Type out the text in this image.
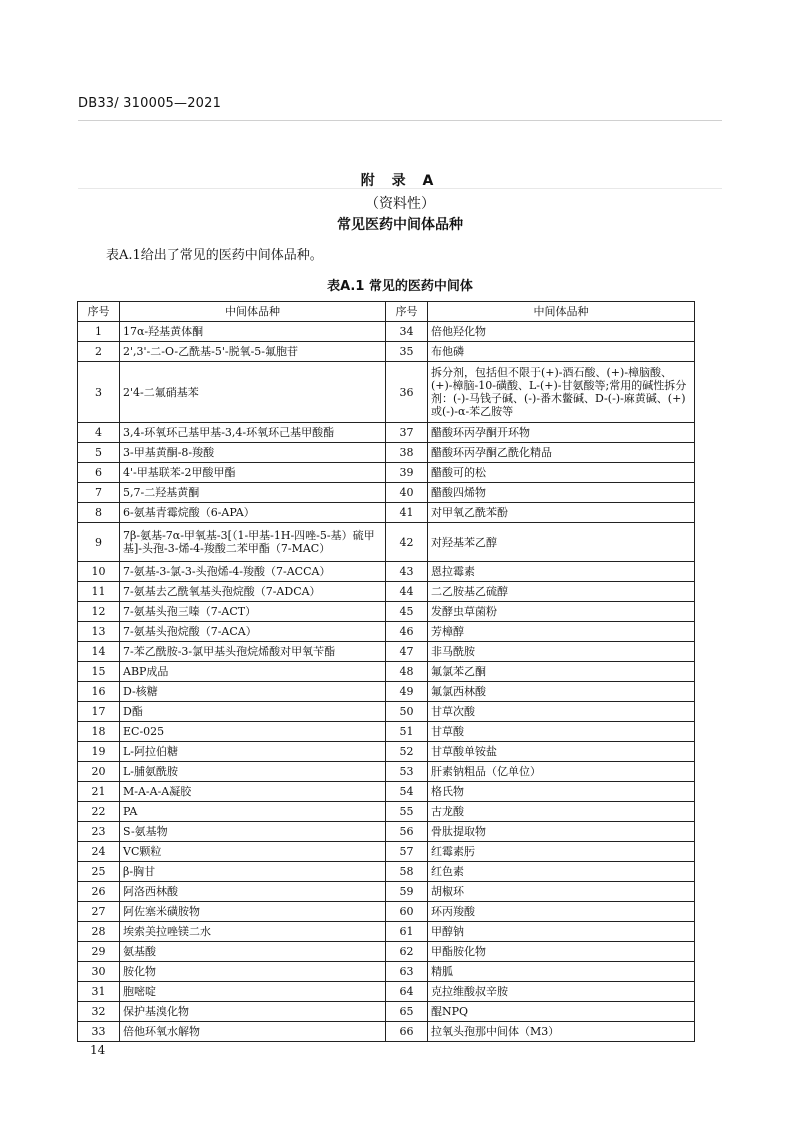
DB33/ 310005—2021
附 录 A
（资料性）
常见医药中间体品种
表A.1给出了常见的医药中间体品种。
表A.1 常见的医药中间体
序号	中间体品种	序号	中间体品种
1	17α-羟基黄体酮	34	倍他羟化物
2	2',3'-二-O-乙酰基-5'-脱氧-5-氟胞苷	35	布他磷
3	2'4-二氟硝基苯	36	拆分剂，包括但不限于(+)-酒石酸、(+)-樟脑酸、(+)-樟脑-10-磺酸、L-(+)-甘氨酸等;常用的碱性拆分剂：(-)-马钱子碱、(-)-番木鳖碱、D-(-)-麻黄碱、(+)或(-)-α-苯乙胺等
4	3,4-环氧环己基甲基-3,4-环氧环己基甲酸酯	37	醋酸环丙孕酮开环物
5	3-甲基黄酮-8-羧酸	38	醋酸环丙孕酮乙酰化精品
6	4'-甲基联苯-2甲酸甲酯	39	醋酸可的松
7	5,7-二羟基黄酮	40	醋酸四烯物
8	6-氨基青霉烷酸（6-APA）	41	对甲氧乙酰苯酚
9	7β-氨基-7α-甲氧基-3[（1-甲基-1H-四唑-5-基）硫甲基]-头孢-3-烯-4-羧酸二苯甲酯（7-MAC）	42	对羟基苯乙醇
10	7-氨基-3-氯-3-头孢烯-4-羧酸（7-ACCA）	43	恩拉霉素
11	7-氨基去乙酰氧基头孢烷酸（7-ADCA）	44	二乙胺基乙硫醇
12	7-氨基头孢三嗪（7-ACT）	45	发酵虫草菌粉
13	7-氨基头孢烷酸（7-ACA）	46	芳樟醇
14	7-苯乙酰胺-3-氯甲基头孢烷烯酸对甲氧苄酯	47	非马酰胺
15	ABP成品	48	氟氯苯乙酮
16	D-核糖	49	氟氯西林酸
17	D酯	50	甘草次酸
18	EC-025	51	甘草酸
19	L-阿拉伯糖	52	甘草酸单铵盐
20	L-脯氨酰胺	53	肝素钠粗品（亿单位）
21	M-A-A-A凝胶	54	格氏物
22	PA	55	古龙酸
23	S-氨基物	56	骨肽提取物
24	VC颗粒	57	红霉素肟
25	β-胸甘	58	红色素
26	阿洛西林酸	59	胡椒环
27	阿佐塞米磺胺物	60	环丙羧酸
28	埃索美拉唑镁二水	61	甲醇钠
29	氨基酸	62	甲酯胺化物
30	胺化物	63	精胍
31	胞嘧啶	64	克拉维酸叔辛胺
32	保护基溴化物	65	醌NPQ
33	倍他环氧水解物	66	拉氧头孢那中间体（M3）
14
